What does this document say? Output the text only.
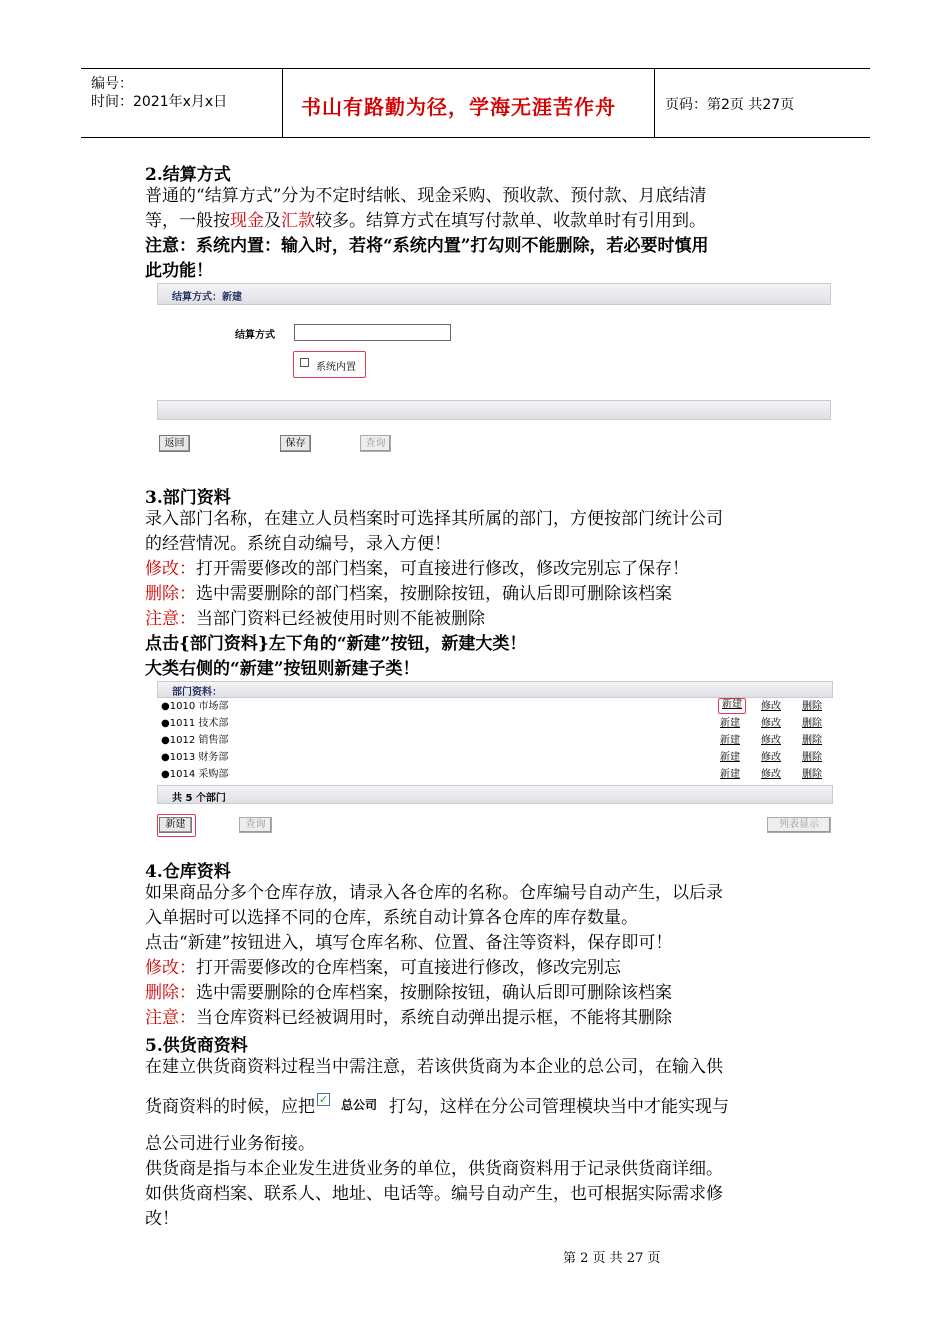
编号：
时间：2021年x月x日	书山有路勤为径，学海无涯苦作舟	页码：第2页 共27页
2.结算方式
普通的“结算方式”分为不定时结帐、现金采购、预收款、预付款、月底结清
等，一般按现金及汇款较多。结算方式在填写付款单、收款单时有引用到。
注意：系统内置：输入时，若将“系统内置”打勾则不能删除，若必要时慎用
此功能！
结算方式：新建
结算方式
系统内置
返回	保存	查询
3.部门资料
录入部门名称，在建立人员档案时可选择其所属的部门，方便按部门统计公司
的经营情况。系统自动编号，录入方便！
修改：打开需要修改的部门档案，可直接进行修改，修改完别忘了保存！
删除：选中需要删除的部门档案，按删除按钮，确认后即可删除该档案
注意：当部门资料已经被使用时则不能被删除
点击{部门资料}左下角的“新建”按钮，新建大类！
大类右侧的“新建”按钮则新建子类！
部门资料：
●1010 市场部	新建	修改 删除
●1011 技术部	新建 修改 删除
●1012 销售部	新建 修改 删除
●1013 财务部	新建 修改 删除
●1014 采购部	新建 修改 删除
共 5 个部门
新建	查询	列表显示
4.仓库资料
如果商品分多个仓库存放，请录入各仓库的名称。仓库编号自动产生，以后录
入单据时可以选择不同的仓库，系统自动计算各仓库的库存数量。
点击“新建”按钮进入，填写仓库名称、位置、备注等资料，保存即可！
修改：打开需要修改的仓库档案，可直接进行修改，修改完别忘
删除：选中需要删除的仓库档案，按删除按钮，确认后即可删除该档案
注意：当仓库资料已经被调用时，系统自动弹出提示框，不能将其删除
5.供货商资料
在建立供货商资料过程当中需注意，若该供货商为本企业的总公司，在输入供
货商资料的时候，应把 ✓ 总公司 打勾，这样在分公司管理模块当中才能实现与
总公司进行业务衔接。
供货商是指与本企业发生进货业务的单位，供货商资料用于记录供货商详细。
如供货商档案、联系人、地址、电话等。编号自动产生，也可根据实际需求修
改！
第 2 页 共 27 页
